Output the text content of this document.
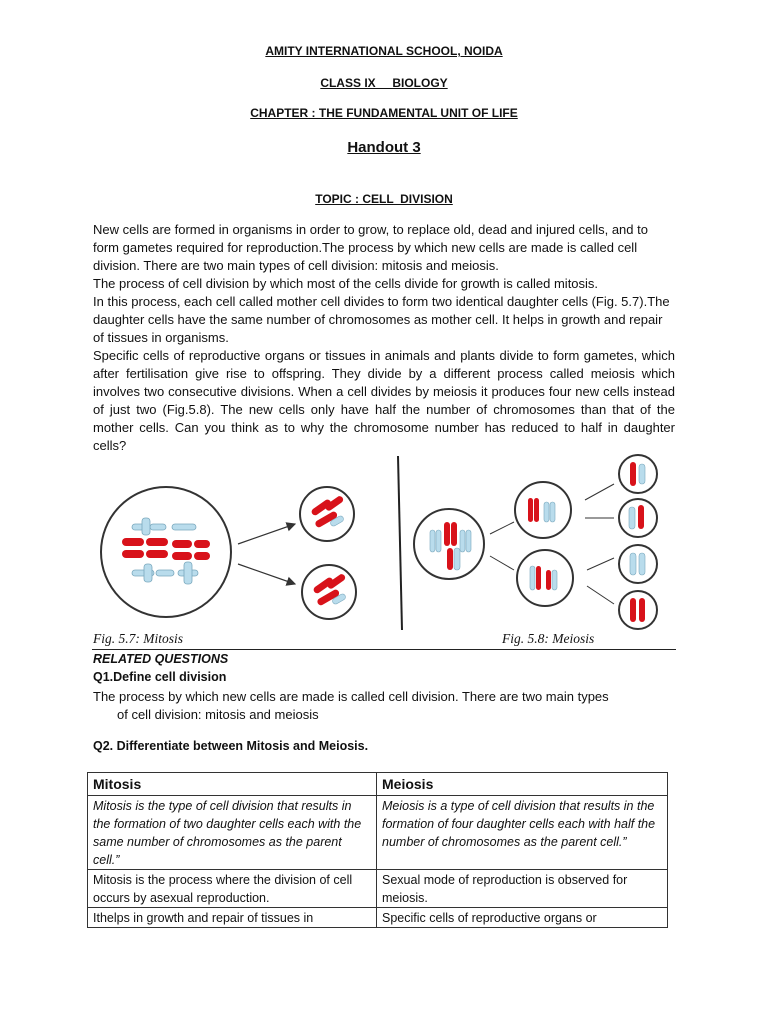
AMITY INTERNATIONAL SCHOOL, NOIDA
CLASS IX     BIOLOGY
CHAPTER : THE FUNDAMENTAL UNIT OF LIFE
Handout 3
TOPIC : CELL  DIVISION

New cells are formed in organisms in order to grow, to replace old, dead and injured cells, and to form gametes required for reproduction.The process by which new cells are made is called cell division. There are two main types of cell division: mitosis and meiosis.

The process of cell division by which most of the cells divide for growth is called mitosis.

In this process, each cell called mother cell divides to form two identical daughter cells (Fig. 5.7).The daughter cells have the same number of chromosomes as mother cell. It helps in growth and repair of tissues in organisms.

Specific cells of reproductive organs or tissues in animals and plants divide to form gametes, which after fertilisation give rise to offspring. They divide by a different process called meiosis which involves two consecutive divisions. When a cell divides by meiosis it produces four new cells instead of just two (Fig.5.8). The new cells only have half the number of chromosomes than that of the mother cells. Can you think as to why the chromosome number has reduced to half in daughter cells?

Fig. 5.7: Mitosis	Fig. 5.8: Meiosis
RELATED QUESTIONS
Q1.Define cell division
The process by which new cells are made is called cell division. There are two main types
of cell division: mitosis and meiosis
Q2. Differentiate between Mitosis and Meiosis.
Mitosis	Meiosis
Mitosis is the type of cell division that results in the formation of two daughter cells each with the same number of chromosomes as the parent cell.”	Meiosis is a type of cell division that results in the formation of four daughter cells each with half the number of chromosomes as the parent cell.”
Mitosis is the process where the division of cell occurs by asexual reproduction.	Sexual mode of reproduction is observed for meiosis.
Ithelps in growth and repair of tissues in	Specific cells of reproductive organs or
